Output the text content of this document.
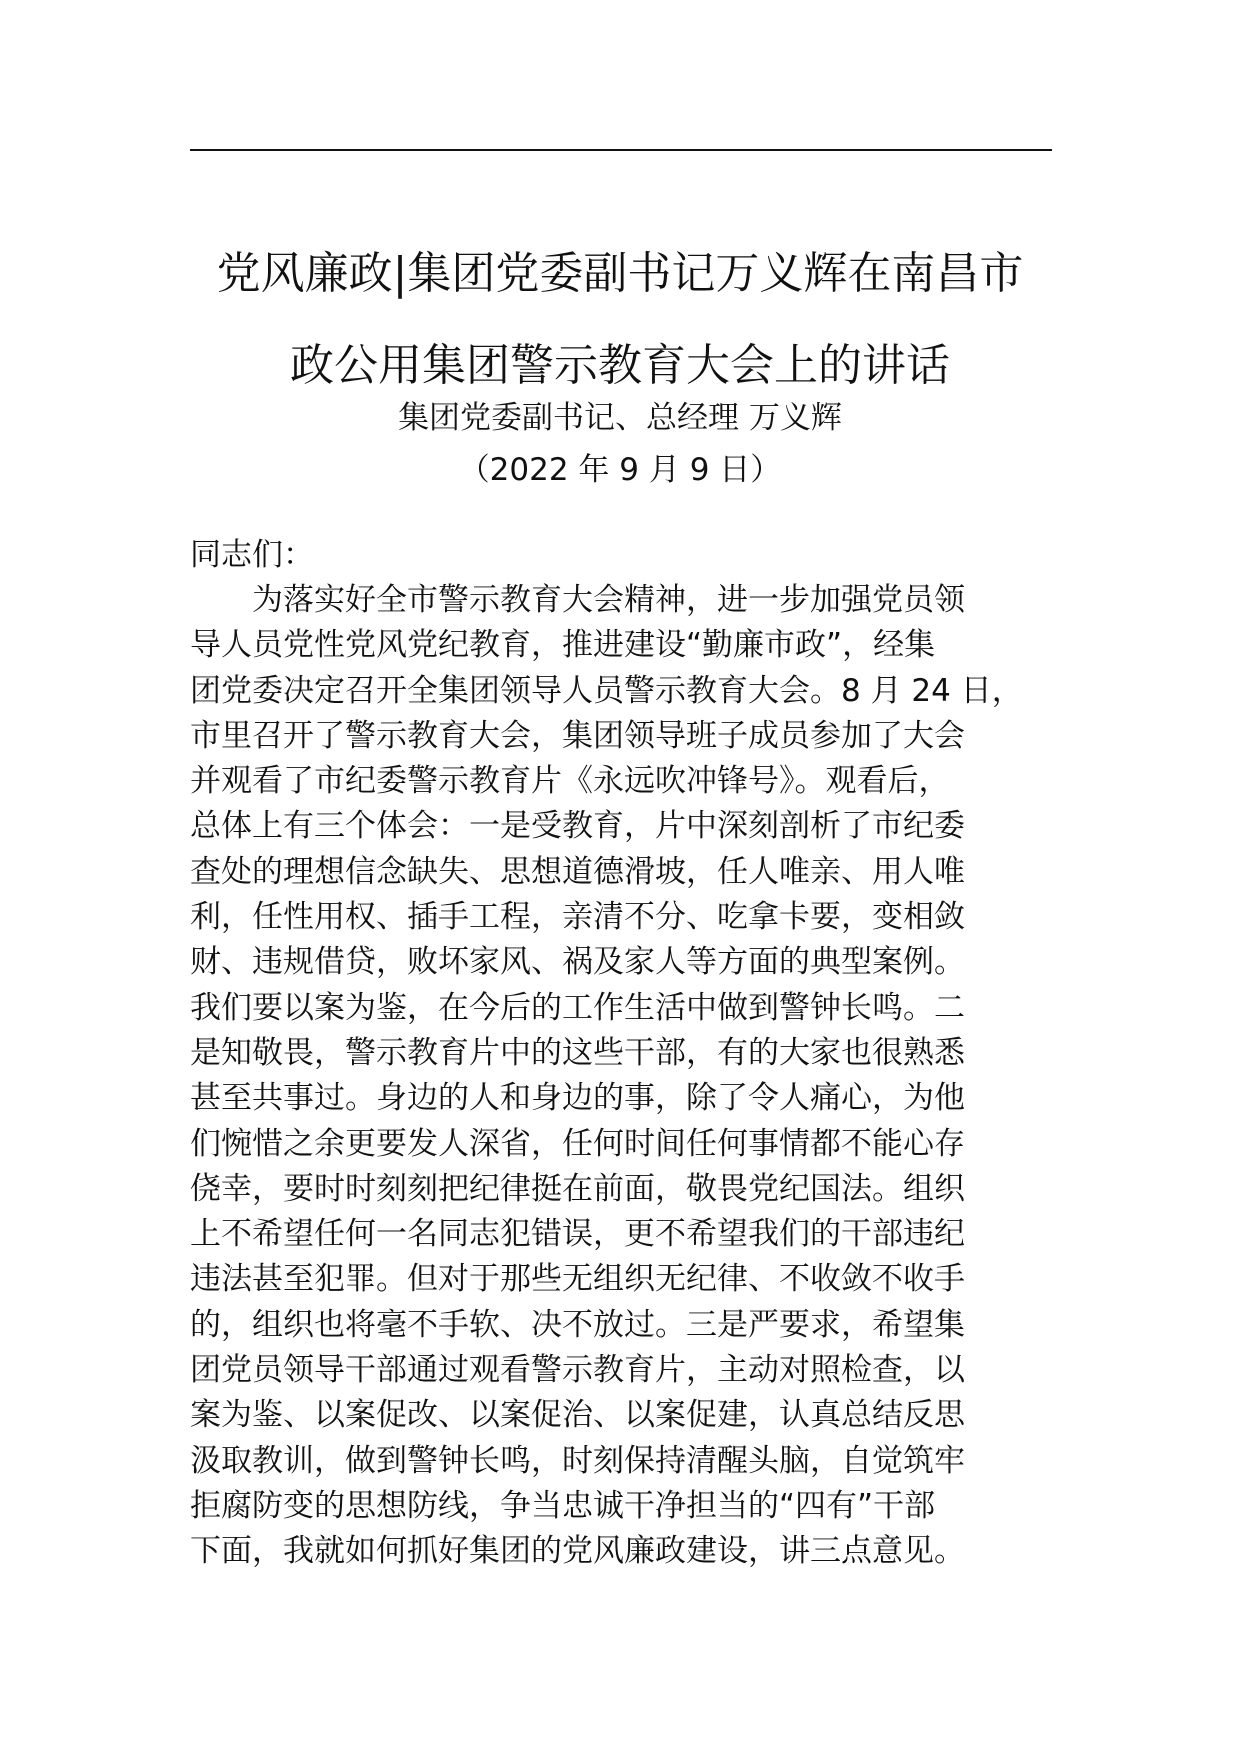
党风廉政|集团党委副书记万义辉在南昌市
政公用集团警示教育大会上的讲话
集团党委副书记、总经理 万义辉
（2022 年 9 月 9 日）
同志们：
　　为落实好全市警示教育大会精神，进一步加强党员领
导人员党性党风党纪教育，推进建设“勤廉市政”，经集
团党委决定召开全集团领导人员警示教育大会。8 月 24 日，
市里召开了警示教育大会，集团领导班子成员参加了大会
并观看了市纪委警示教育片《永远吹冲锋号》。观看后，
总体上有三个体会：一是受教育，片中深刻剖析了市纪委
查处的理想信念缺失、思想道德滑坡，任人唯亲、用人唯
利，任性用权、插手工程，亲清不分、吃拿卡要，变相敛
财、违规借贷，败坏家风、祸及家人等方面的典型案例。
我们要以案为鉴，在今后的工作生活中做到警钟长鸣。二
是知敬畏，警示教育片中的这些干部，有的大家也很熟悉
甚至共事过。身边的人和身边的事，除了令人痛心，为他
们惋惜之余更要发人深省，任何时间任何事情都不能心存
侥幸，要时时刻刻把纪律挺在前面，敬畏党纪国法。组织
上不希望任何一名同志犯错误，更不希望我们的干部违纪
违法甚至犯罪。但对于那些无组织无纪律、不收敛不收手
的，组织也将毫不手软、决不放过。三是严要求，希望集
团党员领导干部通过观看警示教育片，主动对照检查，以
案为鉴、以案促改、以案促治、以案促建，认真总结反思
汲取教训，做到警钟长鸣，时刻保持清醒头脑，自觉筑牢
拒腐防变的思想防线，争当忠诚干净担当的“四有”干部
下面，我就如何抓好集团的党风廉政建设，讲三点意见。
